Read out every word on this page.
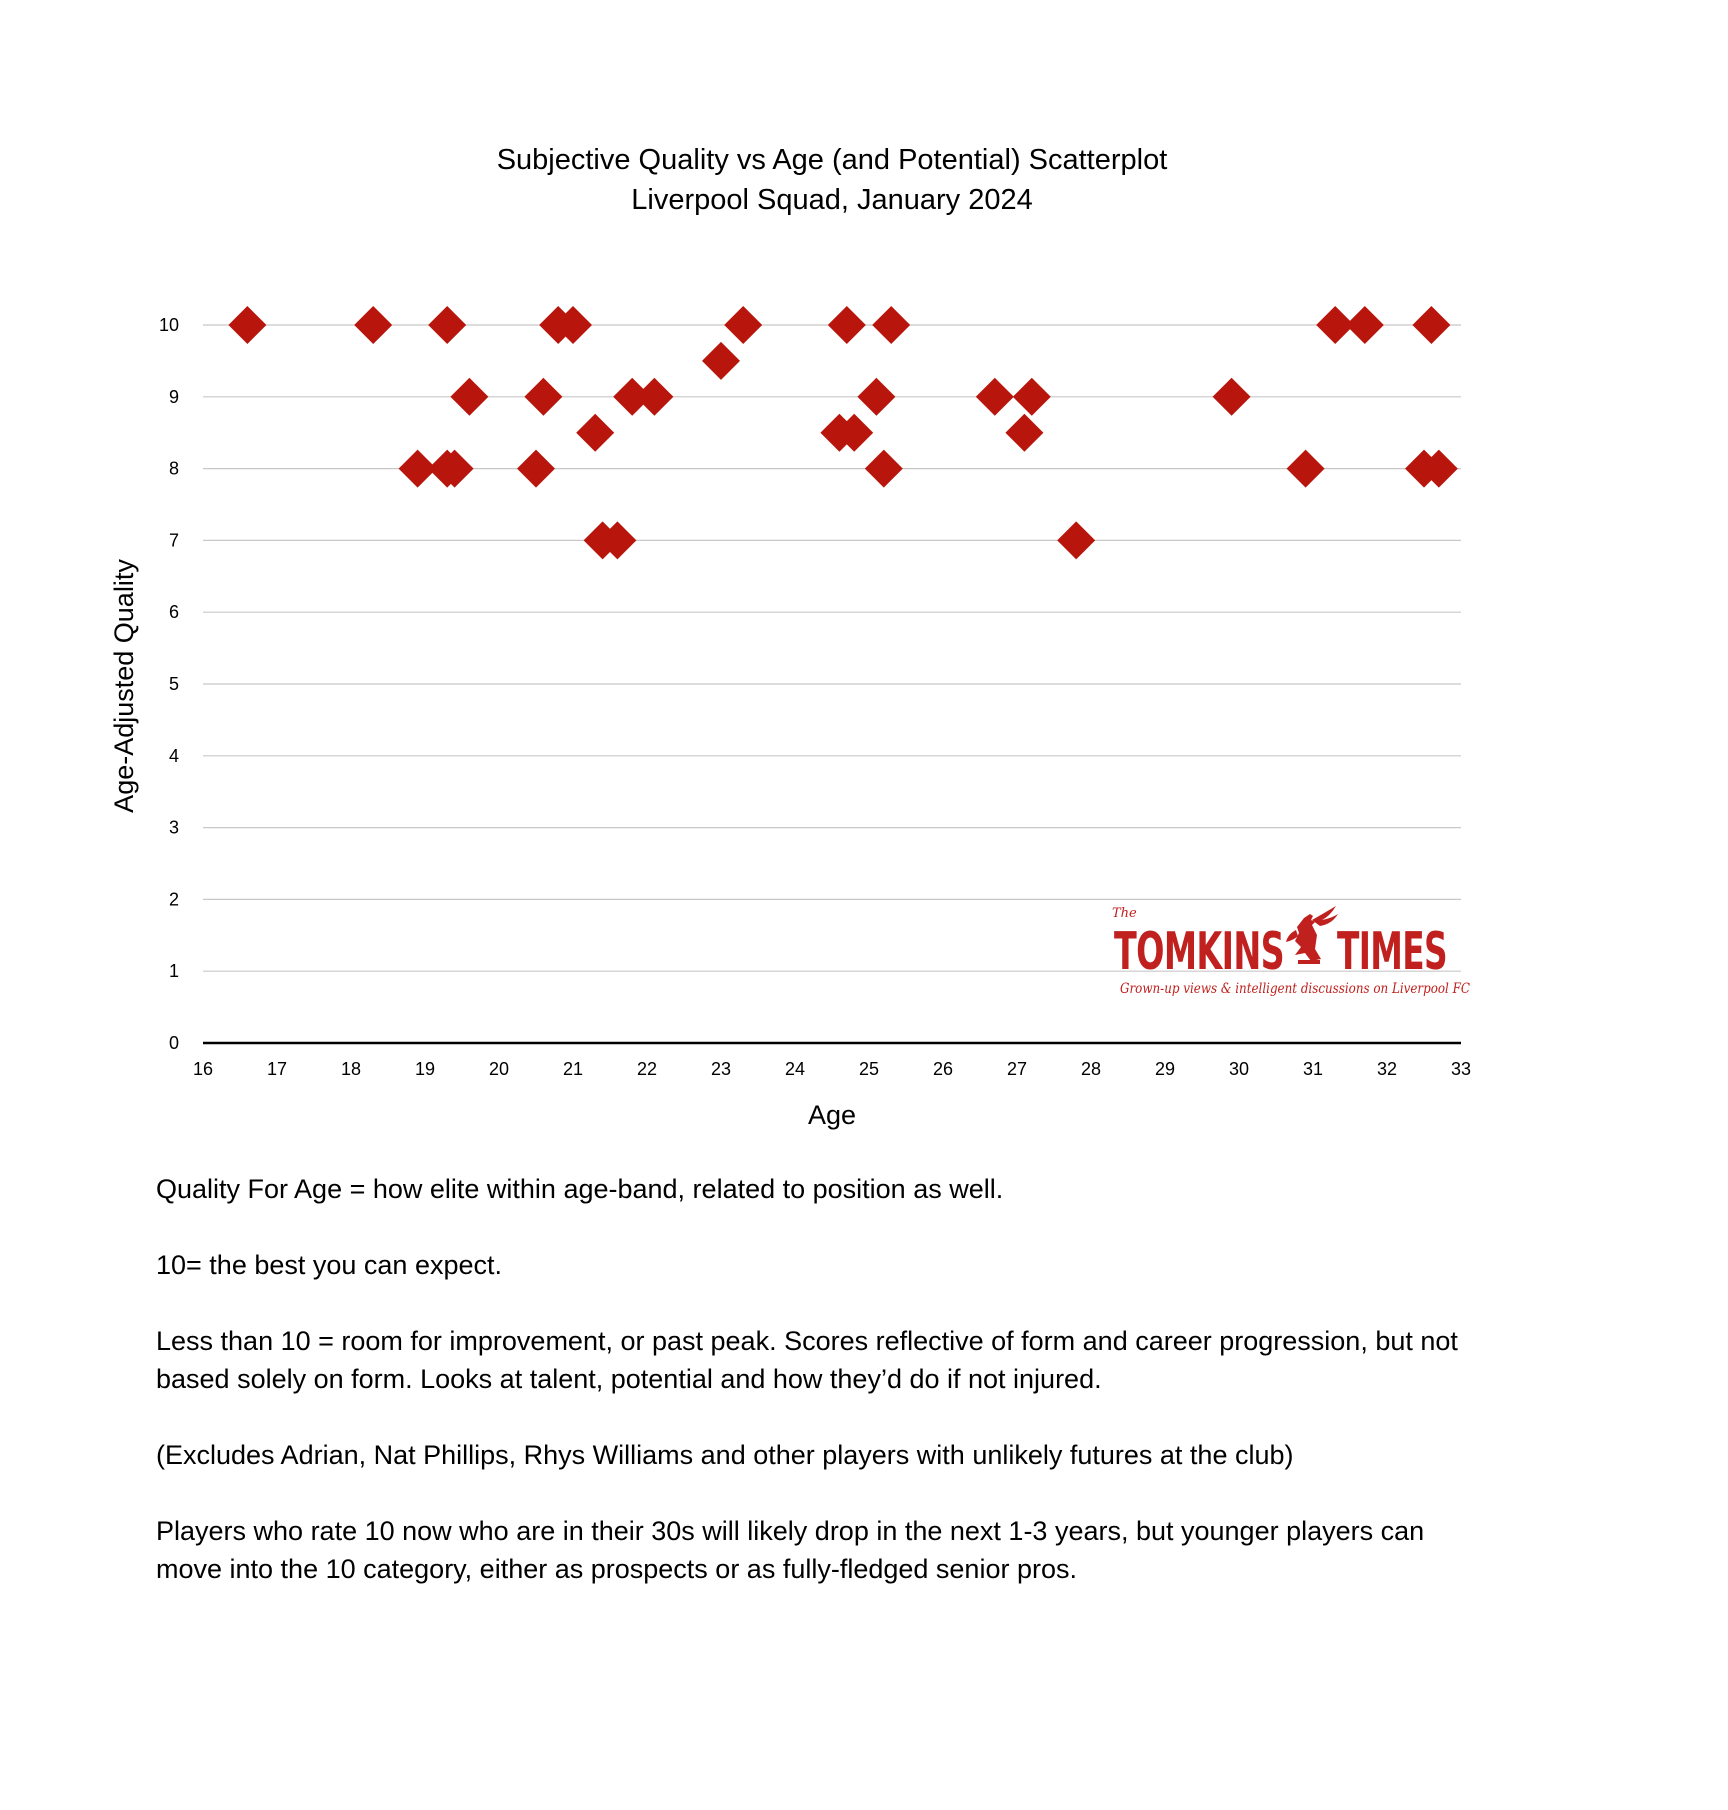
Subjective Quality vs Age (and Potential) Scatterplot
Liverpool Squad, January 2024
0
1
2
3
4
5
6
7
8
9
10
16	17	18	19	20	21	22	23	24	25	26	27	28	29	30	31	32	33
The
TOMKINS TIMES
Grown-up views & intelligent discussions on Liverpool FC
Age
Age-Adjusted Quality

Quality For Age = how elite within age-band, related to position as well.

10= the best you can expect.

Less than 10 = room for improvement, or past peak. Scores reflective of form and career progression, but not based solely on form. Looks at talent, potential and how they’d do if not injured.

(Excludes Adrian, Nat Phillips, Rhys Williams and other players with unlikely futures at the club)

Players who rate 10 now who are in their 30s will likely drop in the next 1-3 years, but younger players can move into the 10 category, either as prospects or as fully-fledged senior pros.
